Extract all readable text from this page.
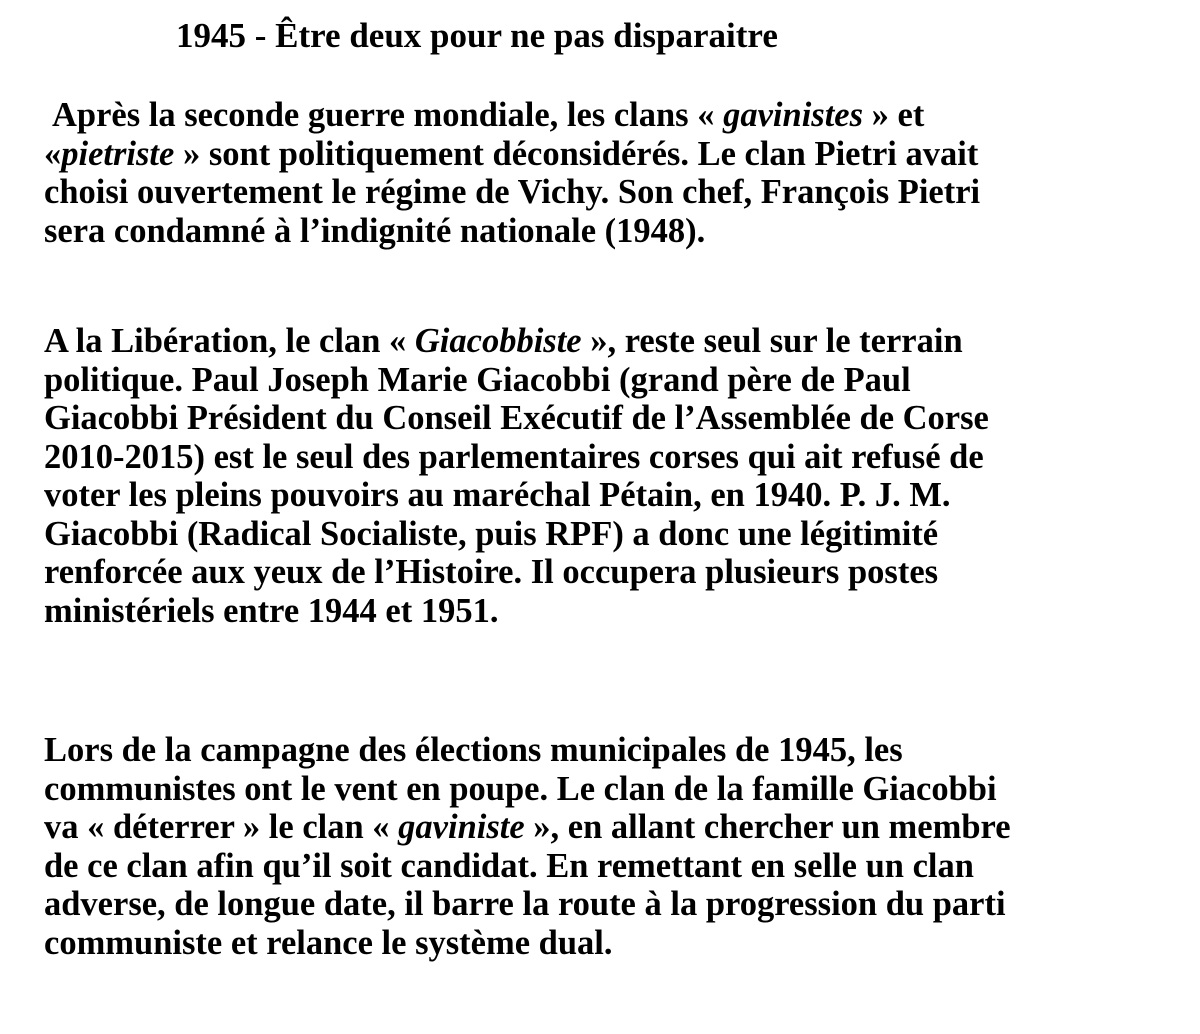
1945 - Être deux pour ne pas disparaitre
Après la seconde guerre mondiale, les clans « gavinistes » et
«pietriste » sont politiquement déconsidérés. Le clan Pietri avait
choisi ouvertement le régime de Vichy. Son chef, François Pietri
sera condamné à l’indignité nationale (1948).
A la Libération, le clan « Giacobbiste », reste seul sur le terrain
politique. Paul Joseph Marie Giacobbi (grand père de Paul
Giacobbi Président du Conseil Exécutif de l’Assemblée de Corse
2010-2015) est le seul des parlementaires corses qui ait refusé de
voter les pleins pouvoirs au maréchal Pétain, en 1940. P. J. M.
Giacobbi (Radical Socialiste, puis RPF) a donc une légitimité
renforcée aux yeux de l’Histoire. Il occupera plusieurs postes
ministériels entre 1944 et 1951.
Lors de la campagne des élections municipales de 1945, les
communistes ont le vent en poupe. Le clan de la famille Giacobbi
va « déterrer » le clan « gaviniste », en allant chercher un membre
de ce clan afin qu’il soit candidat. En remettant en selle un clan
adverse, de longue date, il barre la route à la progression du parti
communiste et relance le système dual.
